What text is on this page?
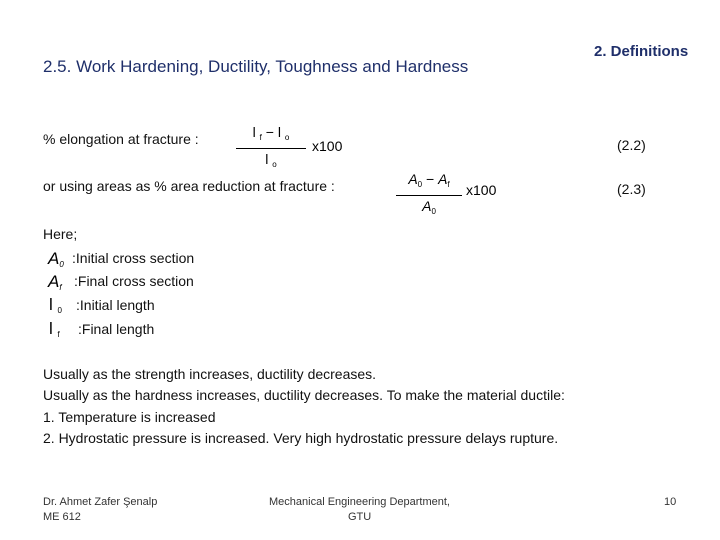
2.5. Work Hardening, Ductility, Toughness and Hardness
2. Definitions
% elongation at fracture :	l $_f$ − l $_o$
l $_o$
x100	(2.2)
or using areas as % area reduction at fracture :	$A_0 - A_f$
$A_0$
x100	(2.3)
Here;
$A_0$ :Initial cross section
$A_f$ :Final cross section
l $_0$ :Initial length
l $_f$ :Final length
Usually as the strength increases, ductility decreases.
Usually as the hardness increases, ductility decreases. To make the material ductile:
1. Temperature is increased
2. Hydrostatic pressure is increased. Very high hydrostatic pressure delays rupture.
Dr. Ahmet Zafer Şenalp
ME 612
Mechanical Engineering Department,
GTU
10
